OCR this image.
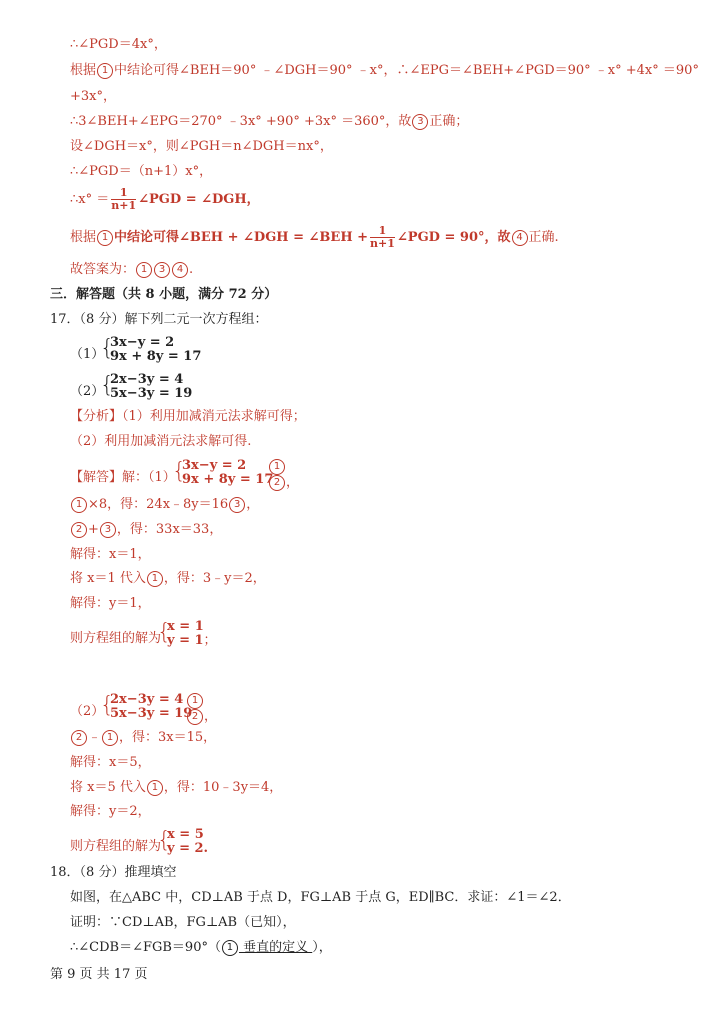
∴∠PGD＝4x°，
根据 1 中结论可得∠BEH＝90° ﹣∠DGH＝90° ﹣x°，∴∠EPG＝∠BEH+∠PGD＝90° ﹣x° +4x° ＝90°
+3x°，
∴3∠BEH+∠EPG＝270° ﹣3x° +90° +3x° ＝360°，故 3 正确；
设∠DGH＝x°，则∠PGH＝n∠DGH＝nx°，
∴∠PGD＝（n+1）x°，
∴x° ＝ $\frac{1}{n+1}$ ∠PGD = ∠DGH，
根据 1 中结论可得∠BEH + ∠DGH = ∠BEH + $\frac{1}{n+1}$ ∠PGD = 90°，故 4 正确.
故答案为： 1 3 4 .
三．解答题（共 8 小题，满分 72 分）
17．（8 分）解下列二元一次方程组：
（1）
{
3x−y = 2
9x + 8y = 17
（2）
{
2x−3y = 4
5x−3y = 19
【分析】（1）利用加减消元法求解可得；
（2）利用加减消元法求解可得.
【解答】解：（1）
{
3x−y = 2
9x + 8y = 17
1
2 ，
1 ×8，得：24x﹣8y＝16 3 ，
2 + 3 ，得：33x＝33，
解得：x＝1，
将 x＝1 代入 1 ，得：3﹣y＝2，
解得：y＝1，
则方程组的解为
{
x = 1
y = 1；
（2）
{
2x−3y = 4
5x−3y = 19
1
2 ，
2 ﹣ 1 ，得：3x＝15，
解得：x＝5，
将 x＝5 代入 1 ，得：10﹣3y＝4，
解得：y＝2，
则方程组的解为
{
x = 5
y = 2.
18．（8 分）推理填空
如图，在△ABC 中，CD⊥AB 于点 D，FG⊥AB 于点 G，ED∥BC．求证：∠1＝∠2．
证明：∵CD⊥AB，FG⊥AB（已知），
∴∠CDB＝∠FGB＝90°（ 1 垂直的定义 ），
第 9 页 共 17 页
